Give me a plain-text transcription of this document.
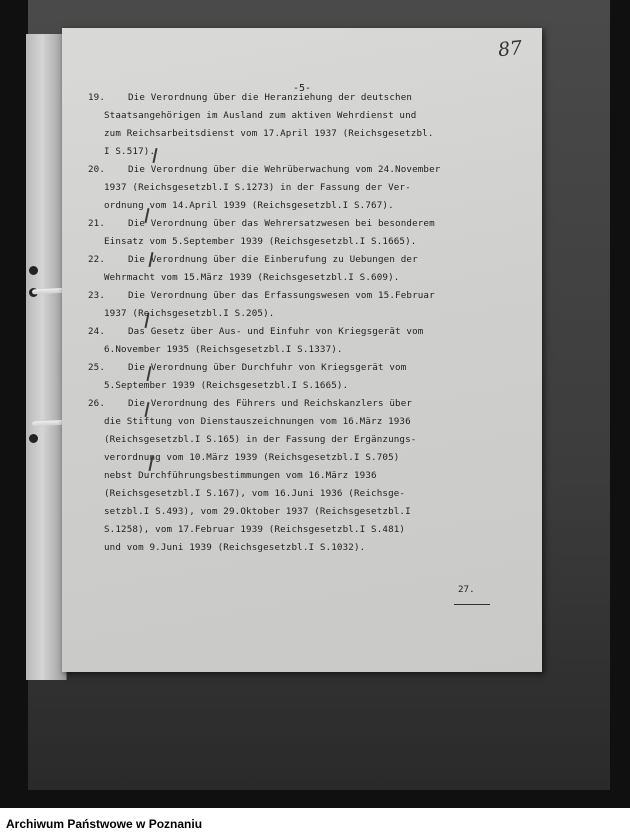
87
-5-
27.
19.	Die Verordnung über die Heranziehung der deutschen
Staatsangehörigen im Ausland zum aktiven Wehrdienst und
zum Reichsarbeitsdienst vom 17.April 1937 (Reichsgesetzbl.
I S.517).
20.	Die Verordnung über die Wehrüberwachung vom 24.November
1937 (Reichsgesetzbl.I S.1273) in der Fassung der Ver-
ordnung vom 14.April 1939 (Reichsgesetzbl.I S.767).
21.	Die Verordnung über das Wehrersatzwesen bei besonderem
Einsatz vom 5.September 1939 (Reichsgesetzbl.I S.1665).
22.	Die Verordnung über die Einberufung zu Uebungen der
Wehrmacht vom 15.März 1939 (Reichsgesetzbl.I S.609).
23.	Die Verordnung über das Erfassungswesen vom 15.Februar
1937 (Reichsgesetzbl.I S.205).
24.	Das Gesetz über Aus- und Einfuhr von Kriegsgerät vom
6.November 1935 (Reichsgesetzbl.I S.1337).
25.	Die Verordnung über Durchfuhr von Kriegsgerät vom
5.September 1939 (Reichsgesetzbl.I S.1665).
26.	Die Verordnung des Führers und Reichskanzlers über
die Stiftung von Dienstauszeichnungen vom 16.März 1936
(Reichsgesetzbl.I S.165) in der Fassung der Ergänzungs-
verordnung vom 10.März 1939 (Reichsgesetzbl.I S.705)
nebst Durchführungsbestimmungen vom 16.März 1936
(Reichsgesetzbl.I S.167), vom 16.Juni 1936 (Reichsge-
setzbl.I S.493), vom 29.Oktober 1937 (Reichsgesetzbl.I
S.1258), vom 17.Februar 1939 (Reichsgesetzbl.I S.481)
und vom 9.Juni 1939 (Reichsgesetzbl.I S.1032).
Archiwum Państwowe w Poznaniu
